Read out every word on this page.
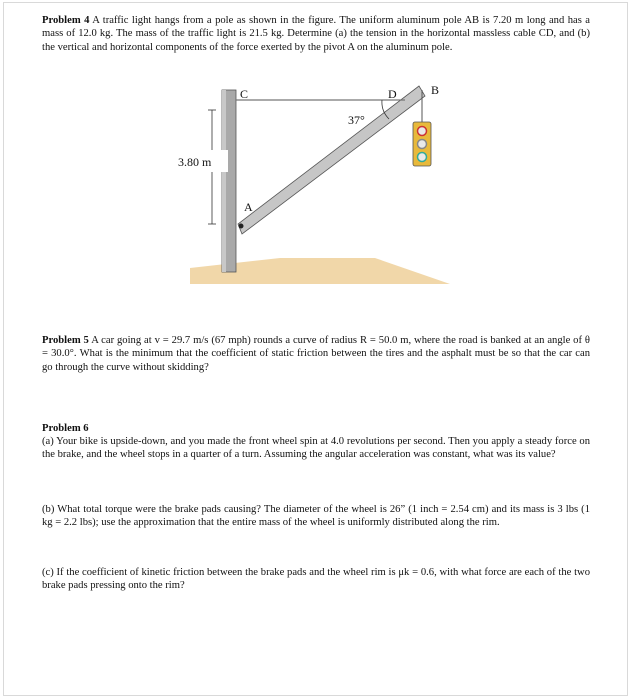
Problem 4 A traffic light hangs from a pole as shown in the figure. The uniform aluminum pole AB is 7.20 m long and has a mass of 12.0 kg. The mass of the traffic light is 21.5 kg. Determine (a) the tension in the horizontal massless cable CD, and (b) the vertical and horizontal components of the force exerted by the pivot A on the aluminum pole.

C	D	B
A
37°
3.80 m

Problem 5 A car going at v = 29.7 m/s (67 mph) rounds a curve of radius R = 50.0 m, where the road is banked at an angle of θ = 30.0°. What is the minimum that the coefficient of static friction between the tires and the asphalt must be so that the car can go through the curve without skidding?

Problem 6

(a) Your bike is upside-down, and you made the front wheel spin at 4.0 revolutions per second. Then you apply a steady force on the brake, and the wheel stops in a quarter of a turn. Assuming the angular acceleration was constant, what was its value?

(b) What total torque were the brake pads causing? The diameter of the wheel is 26” (1 inch = 2.54 cm) and its mass is 3 lbs (1 kg = 2.2 lbs); use the approximation that the entire mass of the wheel is uniformly distributed along the rim.

(c) If the coefficient of kinetic friction between the brake pads and the wheel rim is μk = 0.6, with what force are each of the two brake pads pressing onto the rim?
